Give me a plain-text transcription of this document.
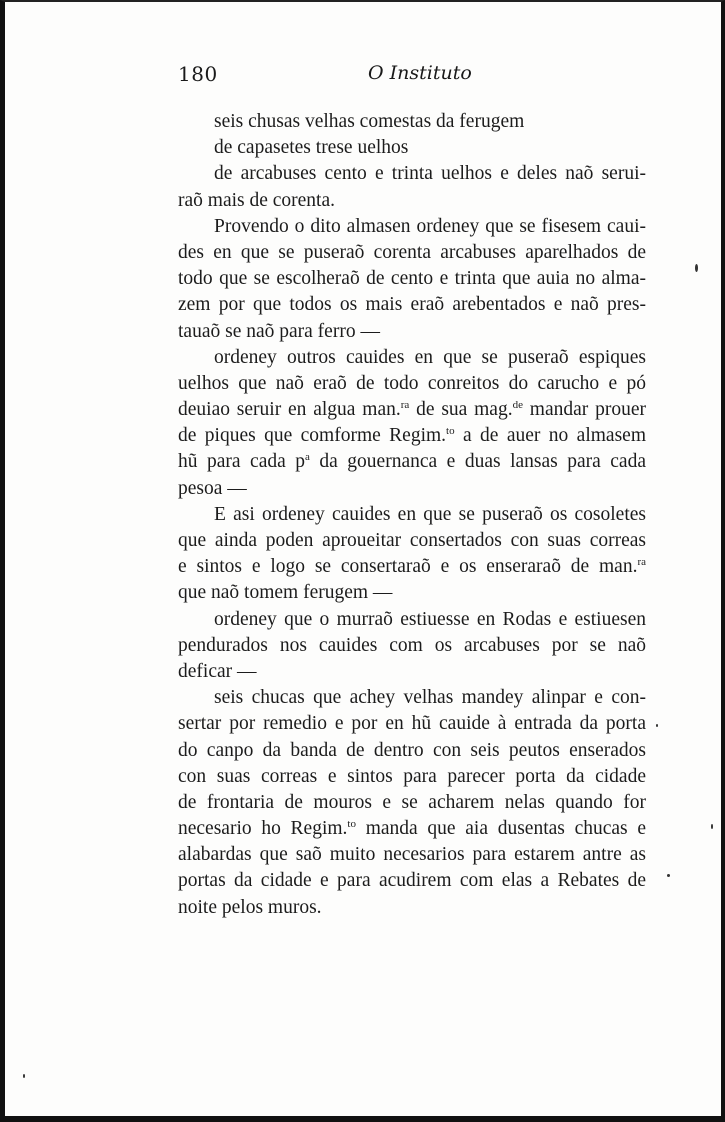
180	O Instituto
seis chusas velhas comestas da ferugem
de capasetes trese uelhos
de arcabuses cento e trinta uelhos e deles naõ serui-
raõ mais de corenta.
Provendo o dito almasen ordeney que se fisesem caui-
des en que se puseraõ corenta arcabuses aparelhados de
todo que se escolheraõ de cento e trinta que auia no alma-
zem por que todos os mais eraõ arebentados e naõ pres-
tauaõ se naõ para ferro —
ordeney outros cauides en que se puseraõ espiques
uelhos que naõ eraõ de todo conreitos do carucho e pó
deuiao seruir en algua man.$^{ra}$ de sua mag.$^{de}$ mandar prouer
de piques que comforme Regim.$^{to}$ a de auer no almasem
hũ para cada $p^a$ da gouernanca e duas lansas para cada
pesoa —
E asi ordeney cauides en que se puseraõ os cosoletes
que ainda poden aproueitar consertados con suas correas
e sintos e logo se consertaraõ e os enseraraõ de man.$^{ra}$
que naõ tomem ferugem —
ordeney que o murraõ estiuesse en Rodas e estiuesen
pendurados nos cauides com os arcabuses por se naõ
deficar —
seis chucas que achey velhas mandey alinpar e con-
sertar por remedio e por en hũ cauide à entrada da porta
do canpo da banda de dentro con seis peutos enserados
con suas correas e sintos para parecer porta da cidade
de frontaria de mouros e se acharem nelas quando for
necesario ho Regim.$^{to}$ manda que aia dusentas chucas e
alabardas que saõ muito necesarios para estarem antre as
portas da cidade e para acudirem com elas a Rebates de
noite pelos muros.
